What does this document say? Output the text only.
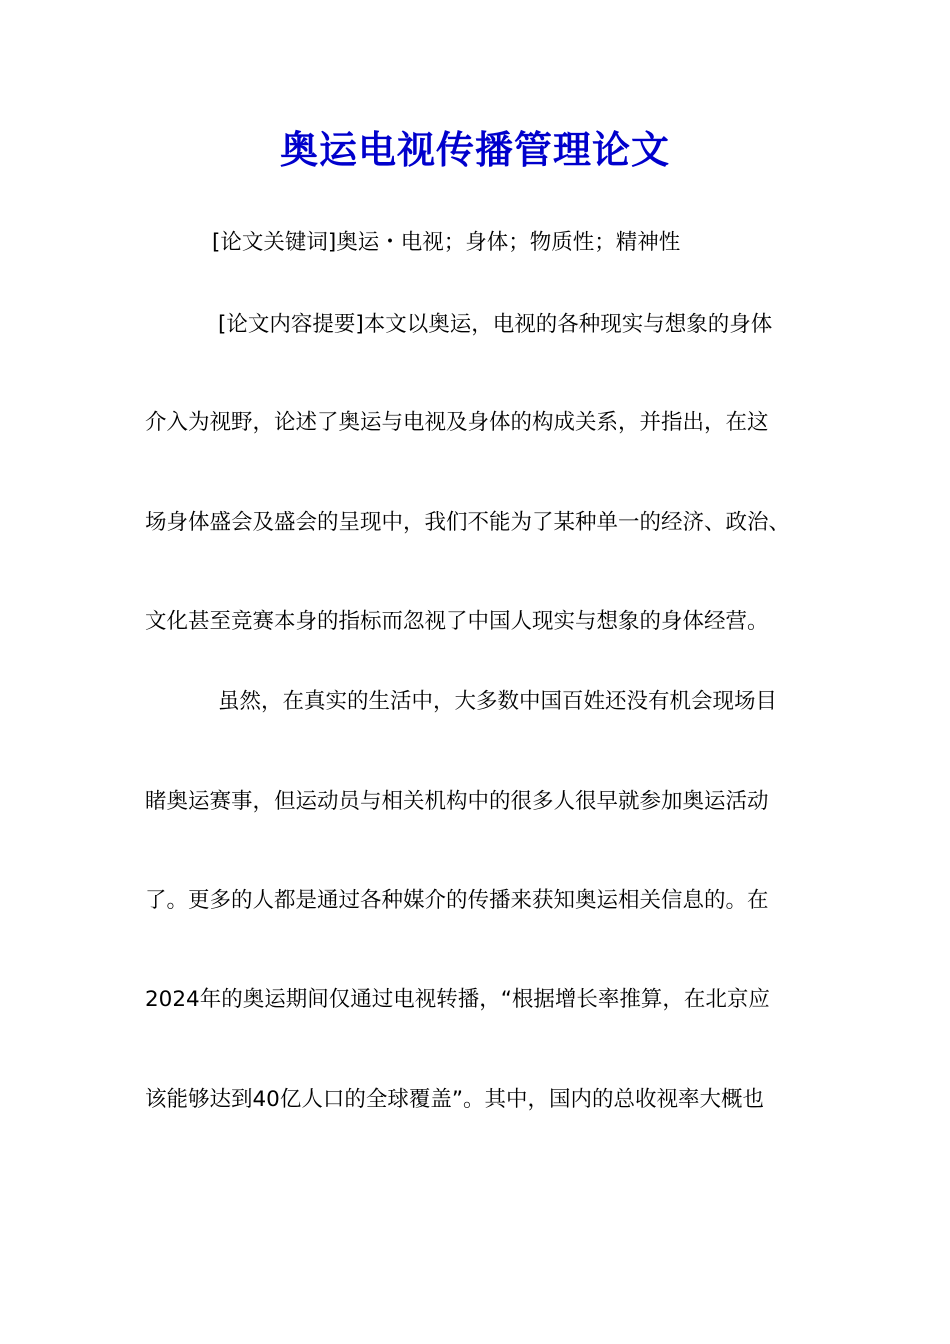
奥运电视传播管理论文
[论文关键词]奥运・电视；身体；物质性；精神性
[论文内容提要]本文以奥运，电视的各种现实与想象的身体
介入为视野，论述了奥运与电视及身体的构成关系，并指出，在这
场身体盛会及盛会的呈现中，我们不能为了某种单一的经济、政治、
文化甚至竞赛本身的指标而忽视了中国人现实与想象的身体经营。
虽然，在真实的生活中，大多数中国百姓还没有机会现场目
睹奥运赛事，但运动员与相关机构中的很多人很早就参加奥运活动
了。更多的人都是通过各种媒介的传播来获知奥运相关信息的。在
2024年的奥运期间仅通过电视转播，“根据增长率推算，在北京应
该能够达到40亿人口的全球覆盖”。其中，国内的总收视率大概也
